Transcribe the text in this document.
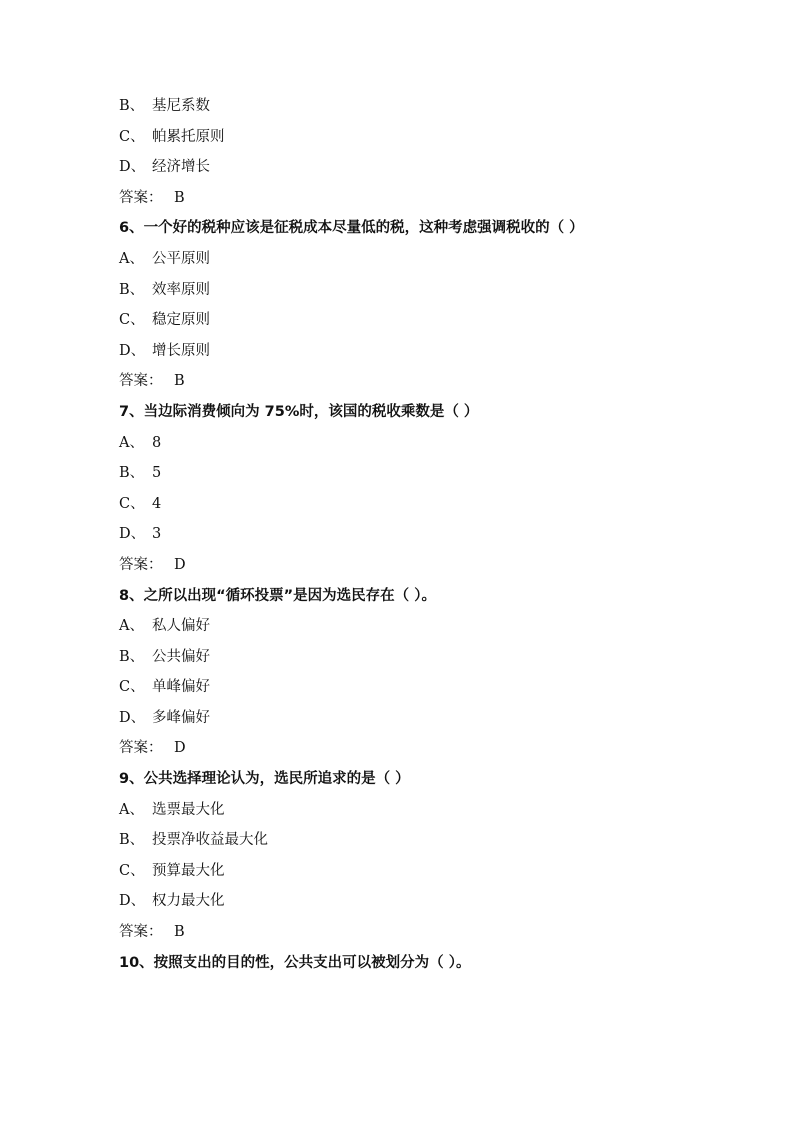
B、 基尼系数
C、 帕累托原则
D、 经济增长
答案： B
6、一个好的税种应该是征税成本尽量低的税，这种考虑强调税收的（ ）
A、 公平原则
B、 效率原则
C、 稳定原则
D、 增长原则
答案： B
7、当边际消费倾向为 75%时，该国的税收乘数是（ ）
A、 8
B、 5
C、 4
D、 3
答案： D
8、之所以出现“循环投票”是因为选民存在（ ）。
A、 私人偏好
B、 公共偏好
C、 单峰偏好
D、 多峰偏好
答案： D
9、公共选择理论认为，选民所追求的是（ ）
A、 选票最大化
B、 投票净收益最大化
C、 预算最大化
D、 权力最大化
答案： B
10、按照支出的目的性，公共支出可以被划分为（ ）。
